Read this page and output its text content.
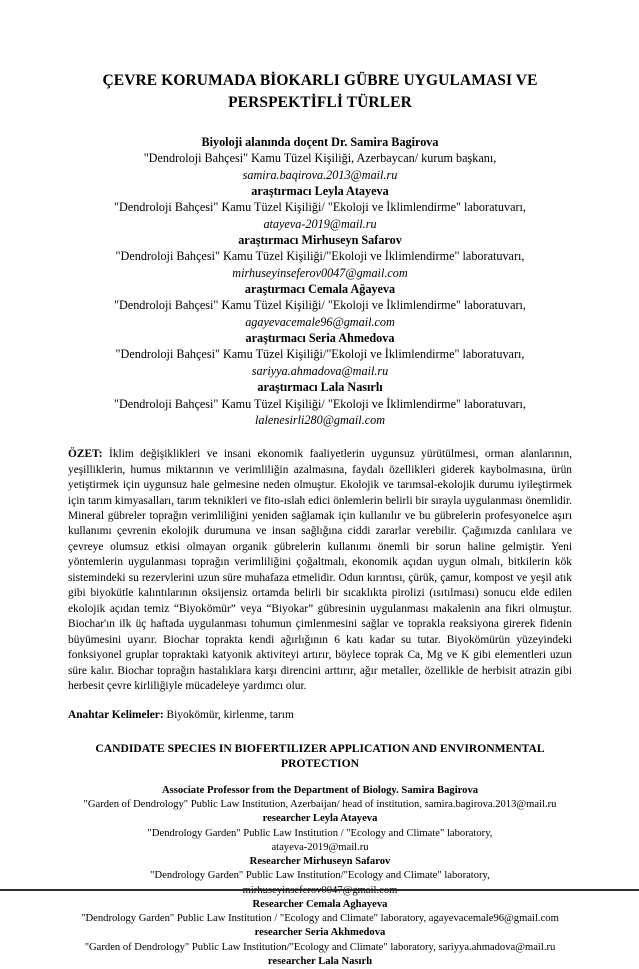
ÇEVRE KORUMADA BİOKARLI GÜBRE UYGULAMASI VE PERSPEKTİFLİ TÜRLER
Biyoloji alanında doçent Dr. Samira Bagirova
"Dendroloji Bahçesi" Kamu Tüzel Kişiliği, Azerbaycan/ kurum başkanı,
samira.baqirova.2013@mail.ru
araştırmacı Leyla Atayeva
"Dendroloji Bahçesi" Kamu Tüzel Kişiliği/ "Ekoloji ve İklimlendirme" laboratuvarı,
atayeva-2019@mail.ru
araştırmacı Mirhuseyn Safarov
"Dendroloji Bahçesi" Kamu Tüzel Kişiliği/"Ekoloji ve İklimlendirme" laboratuvarı,
mirhuseyinseferov0047@gmail.com
araştırmacı Cemala Ağayeva
"Dendroloji Bahçesi" Kamu Tüzel Kişiliği/ "Ekoloji ve İklimlendirme" laboratuvarı,
agayevacemale96@gmail.com
araştırmacı Seria Ahmedova
"Dendroloji Bahçesi" Kamu Tüzel Kişiliği/"Ekoloji ve İklimlendirme" laboratuvarı,
sariyya.ahmadova@mail.ru
araştırmacı Lala Nasırlı
"Dendroloji Bahçesi" Kamu Tüzel Kişiliği/ "Ekoloji ve İklimlendirme" laboratuvarı,
lalenesirli280@gmail.com
ÖZET: İklim değişiklikleri ve insani ekonomik faaliyetlerin uygunsuz yürütülmesi, orman alanlarının, yeşilliklerin, humus miktarının ve verimliliğin azalmasına, faydalı özellikleri giderek kaybolmasına, ürün yetiştirmek için uygunsuz hale gelmesine neden olmuştur. Ekolojik ve tarımsal-ekolojik durumu iyileştirmek için tarım kimyasalları, tarım teknikleri ve fito-ıslah edici önlemlerin belirli bir sırayla uygulanması önemlidir. Mineral gübreler toprağın verimliliğini yeniden sağlamak için kullanılır ve bu gübrelerin profesyonelce aşırı kullanımı çevrenin ekolojik durumuna ve insan sağlığına ciddi zararlar verebilir. Çağımızda canlılara ve çevreye olumsuz etkisi olmayan organik gübrelerin kullanımı önemli bir sorun haline gelmiştir. Yeni yöntemlerin uygulanması toprağın verimliliğini çoğaltmalı, ekonomik açıdan uygun olmalı, bitkilerin kök sistemindeki su rezervlerini uzun süre muhafaza etmelidir. Odun kırıntısı, çürük, çamur, kompost ve yeşil atık gibi biyokütle kalıntılarının oksijensiz ortamda belirli bir sıcaklıkta pirolizi (ısıtılması) sonucu elde edilen ekolojik açıdan temiz “Biyokömür” veya “Biyokar” gübresinin uygulanması makalenin ana fikri olmuştur. Biochar'ın ilk üç haftada uygulanması tohumun çimlenmesini sağlar ve toprakla reaksiyona girerek fidenin büyümesini uyarır. Biochar toprakta kendi ağırlığının 6 katı kadar su tutar. Biyokömürün yüzeyindeki fonksiyonel gruplar topraktaki katyonik aktiviteyi artırır, böylece toprak Ca, Mg ve K gibi elementleri uzun süre kalır. Biochar toprağın hastalıklara karşı direncini arttırır, ağır metaller, özellikle de herbisit atrazin gibi herbesit çevre kirliliğiyle mücadeleye yardımcı olur.
Anahtar Kelimeler: Biyokömür, kirlenme, tarım
CANDIDATE SPECIES IN BIOFERTILIZER APPLICATION AND ENVIRONMENTAL PROTECTION
Associate Professor from the Department of Biology. Samira Bagirova
"Garden of Dendrology" Public Law Institution, Azerbaijan/ head of institution, samira.bagirova.2013@mail.ru
researcher Leyla Atayeva
"Dendrology Garden" Public Law Institution / "Ecology and Climate" laboratory,
atayeva-2019@mail.ru
Researcher Mirhuseyn Safarov
"Dendrology Garden" Public Law Institution/"Ecology and Climate" laboratory,
Researcher Cemala Aghayeva
"Dendrology Garden" Public Law Institution / "Ecology and Climate" laboratory, agayevacemale96@gmail.com
researcher Seria Akhmedova
"Garden of Dendrology" Public Law Institution/"Ecology and Climate" laboratory, sariyya.ahmadova@mail.ru
researcher Lala Nasırlı
